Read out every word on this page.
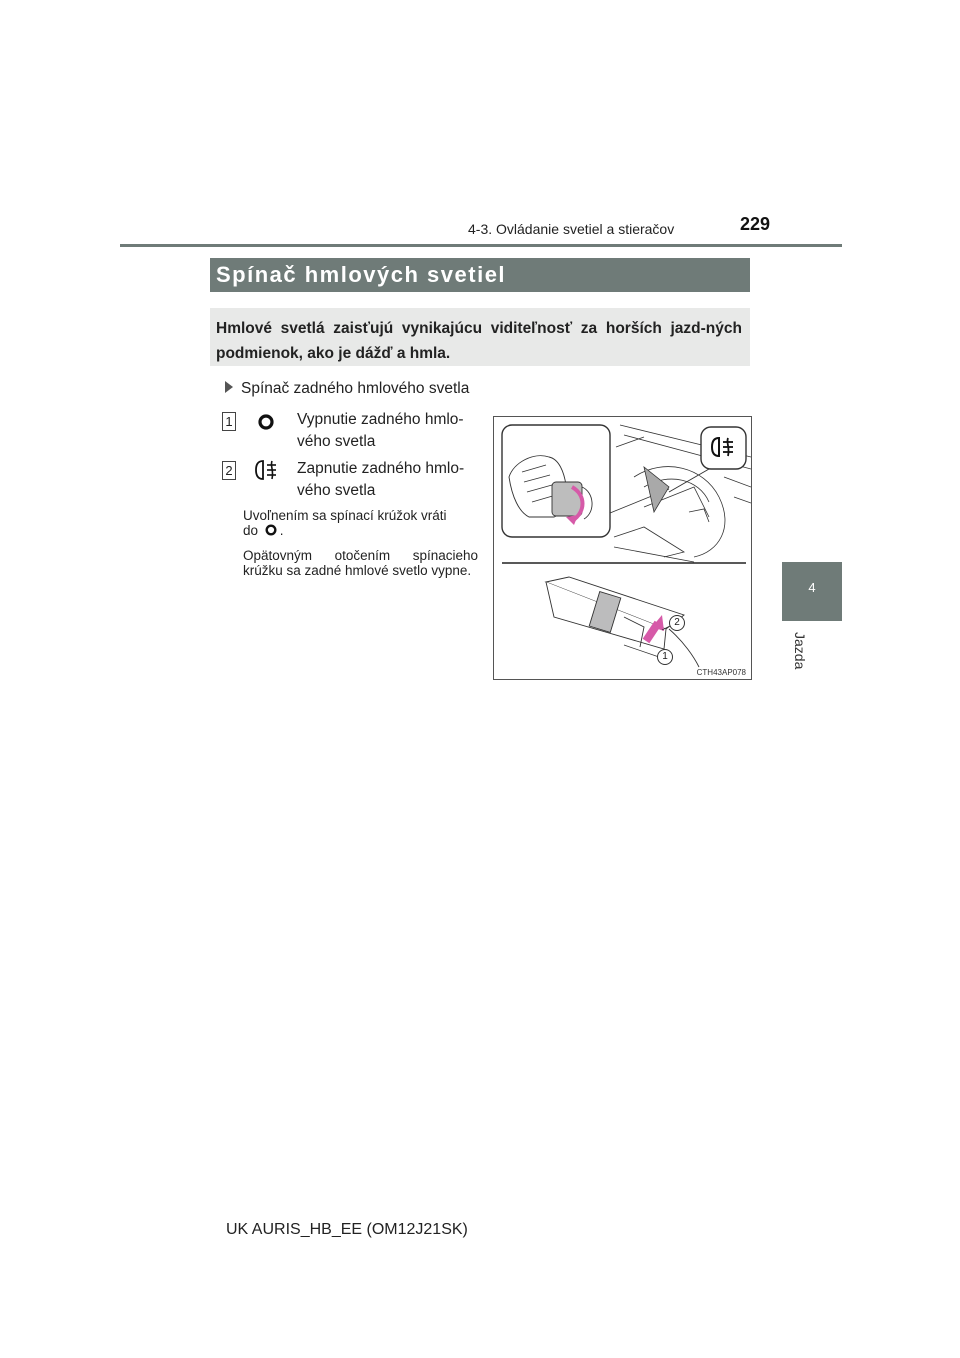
4-3. Ovládanie svetiel a stieračov	229
4
Jazda
Spínač hmlových svetiel
Hmlové svetlá zaisťujú vynikajúcu viditeľnosť za horších jazd-ných podmienok, ako je dážď a hmla.
Spínač zadného hmlového svetla
1	Vypnutie zadného hmlo-
vého svetla
2	Zapnutie zadného hmlo-
vého svetla
Uvoľnením sa spínací krúžok vráti
do .
Opätovným otočením spínacieho krúžku sa zadné hmlové svetlo vypne.
2
1
CTH43AP078
UK AURIS_HB_EE (OM12J21SK)
